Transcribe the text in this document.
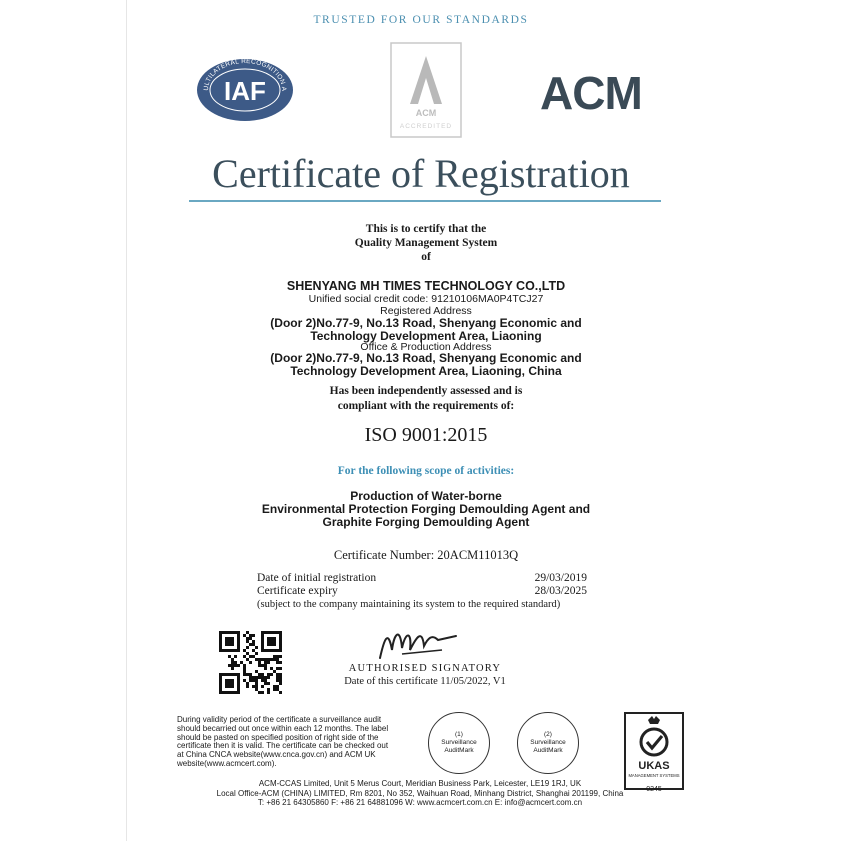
TRUSTED FOR OUR STANDARDS
ULTILATERAL RECOGNITION A
IAF
ACM
ACCREDITED
ACM
Certificate of Registration
This is to certify that the
Quality Management System
of
SHENYANG MH TIMES TECHNOLOGY CO.,LTD
Unified social credit code: 91210106MA0P4TCJ27
Registered Address
(Door 2)No.77-9, No.13 Road, Shenyang Economic and
Technology Development Area, Liaoning
Office & Production Address
(Door 2)No.77-9, No.13 Road, Shenyang Economic and
Technology Development Area, Liaoning, China
Has been independently assessed and is
compliant with the requirements of:
ISO 9001:2015
For the following scope of activities:
Production of Water-borne
Environmental Protection Forging Demoulding Agent and
Graphite Forging Demoulding Agent
Certificate Number: 20ACM11013Q
Date of initial registration	29/03/2019
Certificate expiry	28/03/2025
(subject to the company maintaining its system to the required standard)
AUTHORISED SIGNATORY
Date of this certificate 11/05/2022, V1
During validity period of the certificate a surveillance audit should becarried out once within each 12 months. The label should be pasted on specified position of right side of the certificate then it is valid. The certificate can be checked out at China CNCA website(www.cnca.gov.cn) and ACM UK website(www.acmcert.com).
(1)
Surveillance AuditMark
(2)
Surveillance AuditMark
UKAS
MANAGEMENT SYSTEMS
0245
ACM-CCAS Limited, Unit 5 Merus Court, Meridian Business Park, Leicester, LE19 1RJ, UK
Local Office-ACM (CHINA) LIMITED, Rm 8201, No 352, Waihuan Road, Minhang District, Shanghai 201199, China
T: +86 21 64305860 F: +86 21 64881096 W: www.acmcert.com.cn E: info@acmcert.com.cn
